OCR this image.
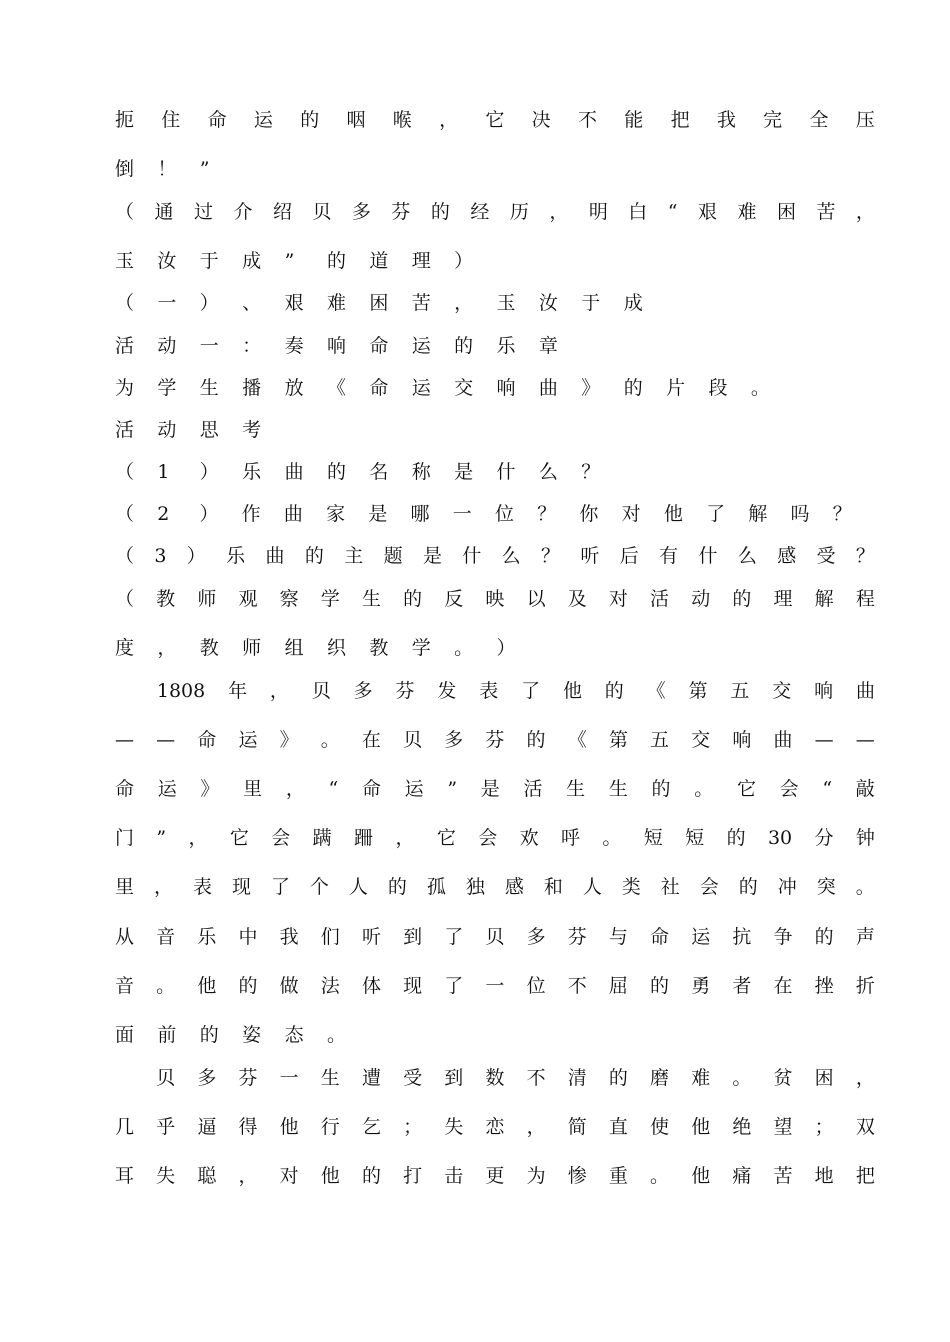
扼 住 命 运 的 咽 喉 ， 它 决 不 能 把 我 完 全 压
倒	！	”
（ 通 过 介 绍 贝 多 芬 的 经 历 ， 明 白 “ 艰 难 困 苦 ，
玉	汝	于	成	”	的	道	理	）
（	一	）	、	艰	难	困	苦	，	玉	汝	于	成
活	动	一	：	奏	响	命	运	的	乐	章
为	学	生	播	放	《	命	运	交	响	曲	》	的	片	段	。
活	动	思	考
（	1	）	乐	曲	的	名	称	是	什	么	？
（	2	）	作	曲	家	是	哪	一	位	？	你	对	他	了	解	吗	？
（ 3 ） 乐 曲 的 主 题 是 什 么 ？ 听 后 有 什 么 感 受 ？
（ 教 师 观 察 学 生 的 反 映 以 及 对 活 动 的 理 解 程
度	，	教	师	组	织	教	学	。	）

1808 年 ， 贝 多 芬 发 表 了 他 的 《 第 五 交 响 曲
— — 命 运 》 。 在 贝 多 芬 的 《 第 五 交 响 曲 — —
命 运 》 里 ， “ 命 运 ” 是 活 生 生 的 。 它 会 “ 敲
门 ” ， 它 会 蹒 跚 ， 它 会 欢 呼 。 短 短 的 30 分 钟
里 ， 表 现 了 个 人 的 孤 独 感 和 人 类 社 会 的 冲 突 。
从 音 乐 中 我 们 听 到 了 贝 多 芬 与 命 运 抗 争 的 声
音 。 他 的 做 法 体 现 了 一 位 不 屈 的 勇 者 在 挫 折
面	前	的	姿	态	。

贝 多 芬 一 生 遭 受 到 数 不 清 的 磨 难 。 贫 困 ，
几 乎 逼 得 他 行 乞 ； 失 恋 ， 简 直 使 他 绝 望 ； 双
耳 失 聪 ， 对 他 的 打 击 更 为 惨 重 。 他 痛 苦 地 把
